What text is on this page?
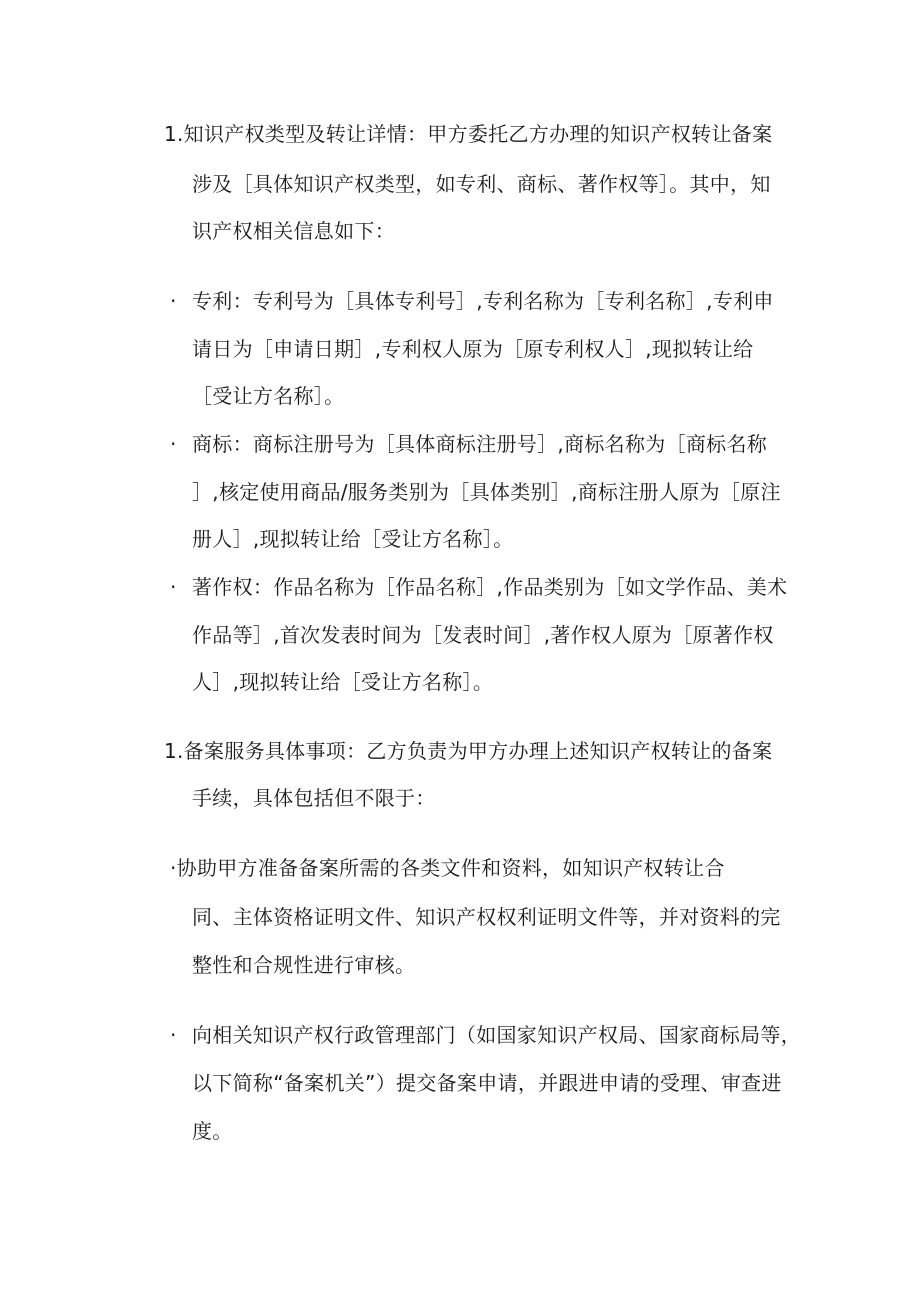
1.知识产权类型及转让详情：甲方委托乙方办理的知识产权转让备案
涉及［具体知识产权类型，如专利、商标、著作权等］。其中，知
识产权相关信息如下：
· 专利：专利号为［具体专利号］,专利名称为［专利名称］,专利申
请日为［申请日期］,专利权人原为［原专利权人］,现拟转让给
［受让方名称］。
· 商标：商标注册号为［具体商标注册号］,商标名称为［商标名称
］,核定使用商品/服务类别为［具体类别］,商标注册人原为［原注
册人］,现拟转让给［受让方名称］。
· 著作权：作品名称为［作品名称］,作品类别为［如文学作品、美术
作品等］,首次发表时间为［发表时间］,著作权人原为［原著作权
人］,现拟转让给［受让方名称］。
1.备案服务具体事项：乙方负责为甲方办理上述知识产权转让的备案
手续，具体包括但不限于：
·协助甲方准备备案所需的各类文件和资料，如知识产权转让合
同、主体资格证明文件、知识产权权利证明文件等，并对资料的完
整性和合规性进行审核。
· 向相关知识产权行政管理部门（如国家知识产权局、国家商标局等，
以下简称“备案机关”）提交备案申请，并跟进申请的受理、审查进
度。
